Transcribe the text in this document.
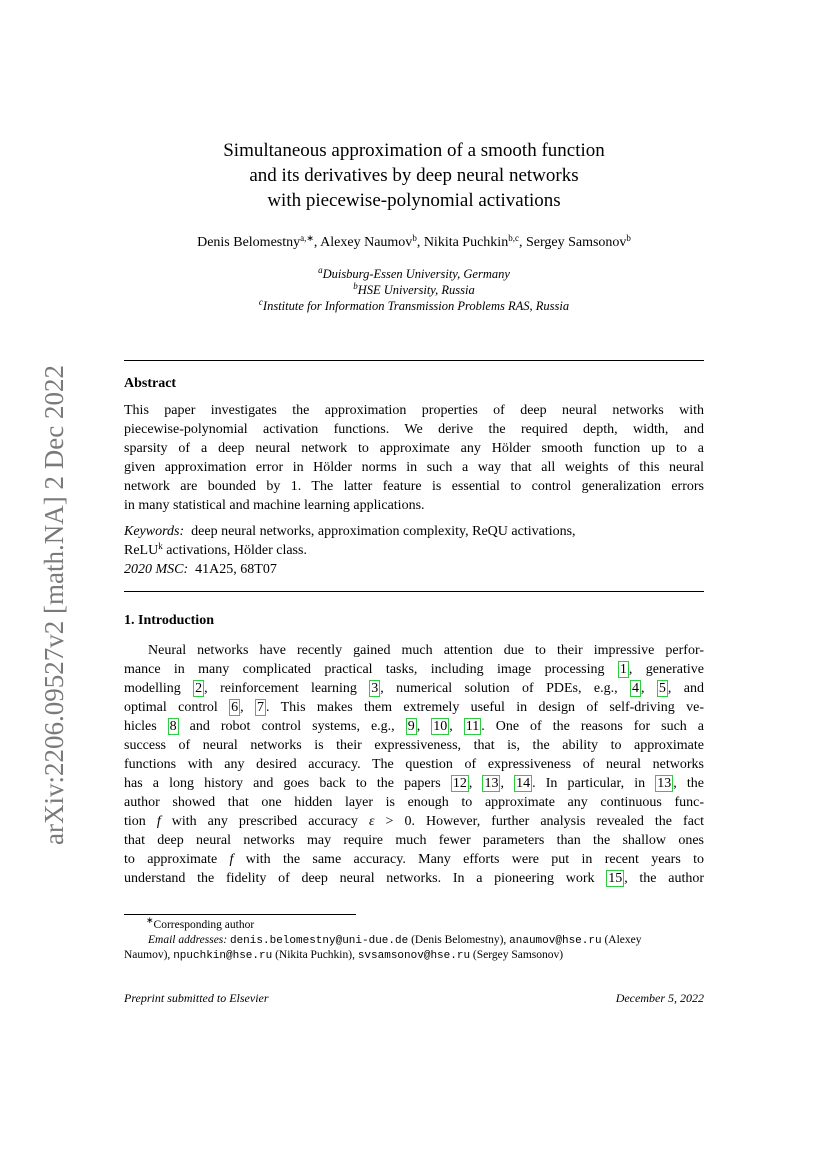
arXiv:2206.09527v2 [math.NA] 2 Dec 2022
Simultaneous approximation of a smooth function
and its derivatives by deep neural networks
with piecewise-polynomial activations
Denis Belomestny$^{a,∗}$, Alexey Naumov$^b$, Nikita Puchkin$^{b,c}$, Sergey Samsonov$^b$
$^a$Duisburg-Essen University, Germany
$^b$HSE University, Russia
$^c$Institute for Information Transmission Problems RAS, Russia
Abstract
This paper investigates the approximation properties of deep neural networks with
piecewise-polynomial activation functions. We derive the required depth, width, and
sparsity of a deep neural network to approximate any Hölder smooth function up to a
given approximation error in Hölder norms in such a way that all weights of this neural
network are bounded by 1. The latter feature is essential to control generalization errors
in many statistical and machine learning applications.
Keywords: deep neural networks, approximation complexity, ReQU activations,
ReLU$^k$ activations, Hölder class.
2020 MSC: 41A25, 68T07
1. Introduction
Neural networks have recently gained much attention due to their impressive perfor-
mance in many complicated practical tasks, including image processing 1 , generative
modelling 2 , reinforcement learning 3 , numerical solution of PDEs, e.g., 4 , 5 , and
optimal control 6 , 7 . This makes them extremely useful in design of self-driving ve-
hicles 8 and robot control systems, e.g., 9 , 10 , 11 . One of the reasons for such a
success of neural networks is their expressiveness, that is, the ability to approximate
functions with any desired accuracy. The question of expressiveness of neural networks
has a long history and goes back to the papers 12 , 13 , 14 . In particular, in 13 , the
author showed that one hidden layer is enough to approximate any continuous func-
tion f with any prescribed accuracy ε > 0. However, further analysis revealed the fact
that deep neural networks may require much fewer parameters than the shallow ones
to approximate f with the same accuracy. Many efforts were put in recent years to
understand the fidelity of deep neural networks. In a pioneering work 15 , the author
∗Corresponding author
Email addresses: denis.belomestny@uni-due.de (Denis Belomestny), anaumov@hse.ru (Alexey
Naumov), npuchkin@hse.ru (Nikita Puchkin), svsamsonov@hse.ru (Sergey Samsonov)
Preprint submitted to Elsevier	December 5, 2022
